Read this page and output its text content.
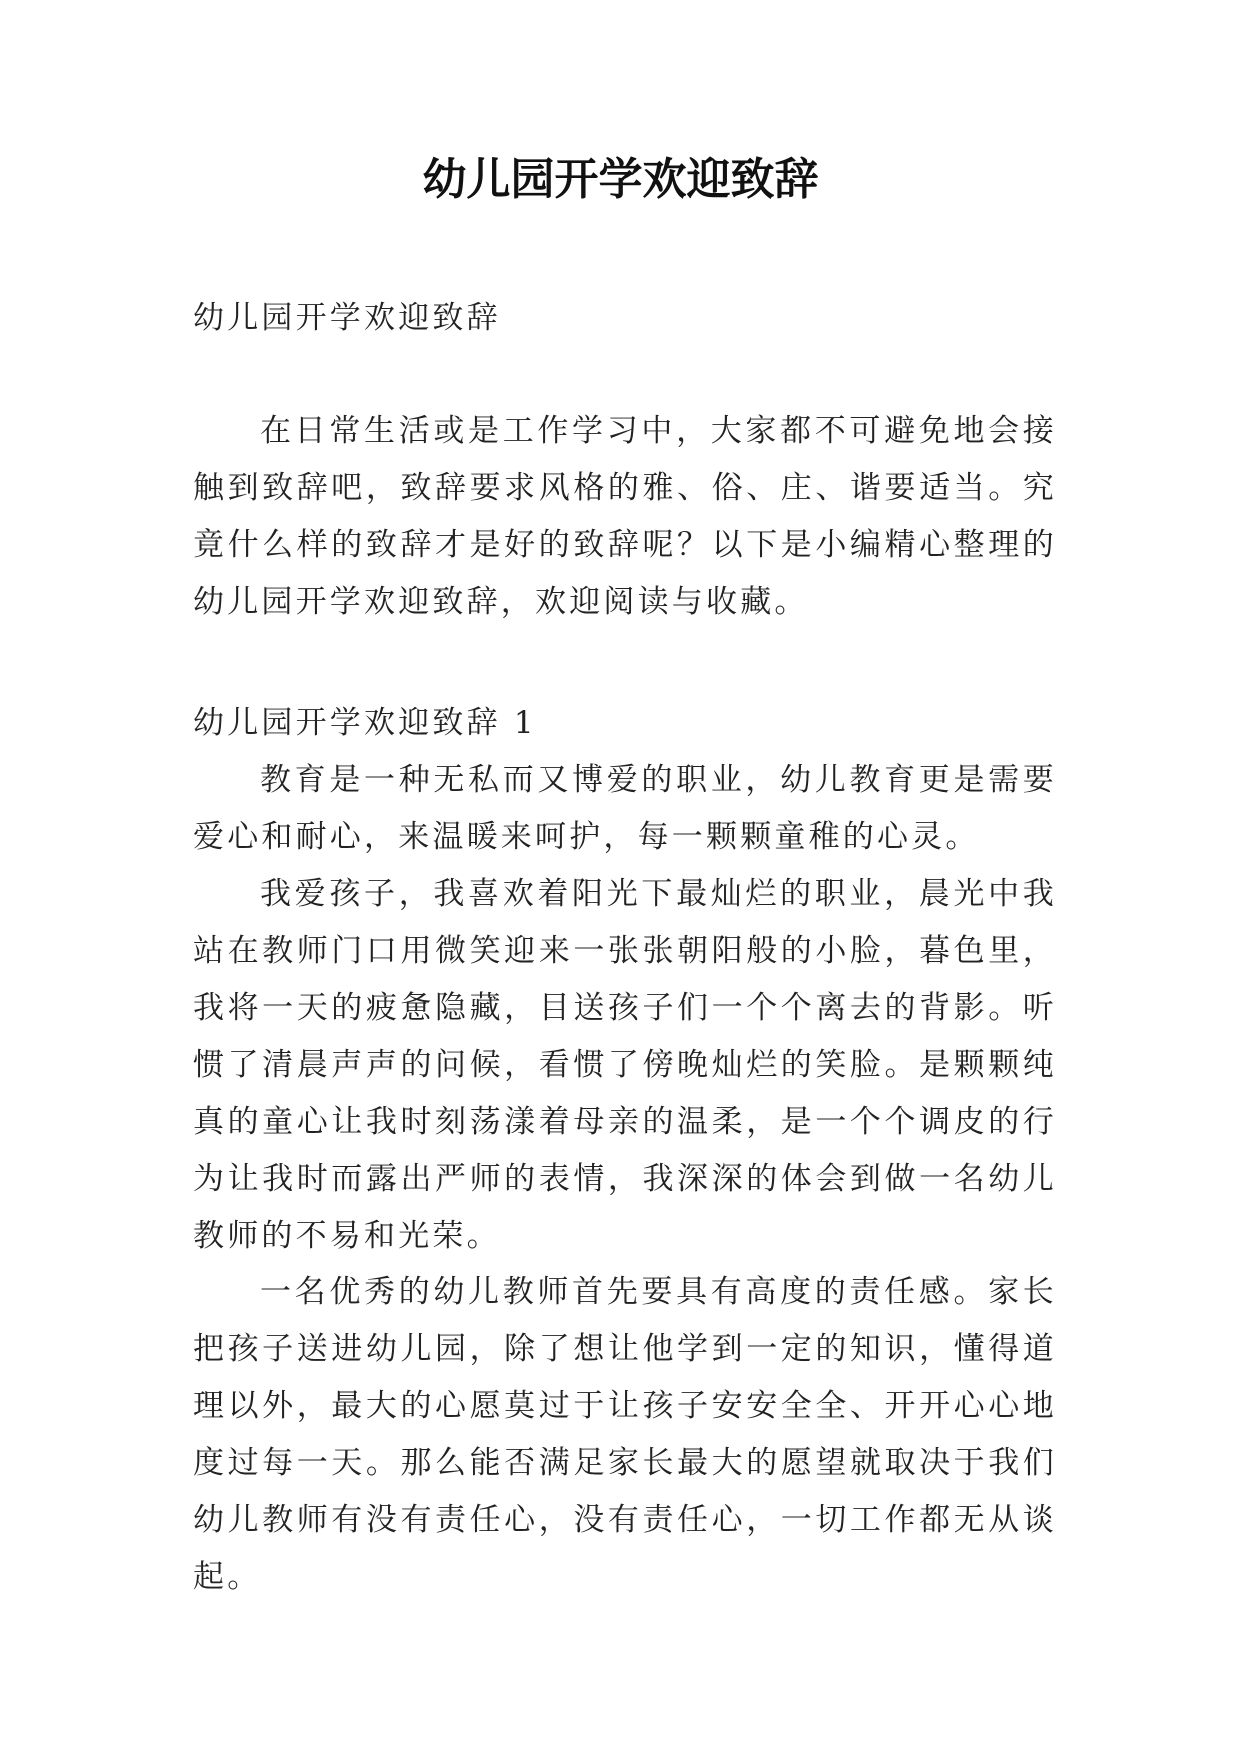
幼儿园开学欢迎致辞

幼儿园开学欢迎致辞

在日常生活或是工作学习中，大家都不可避免地会接触到致辞吧，致辞要求风格的雅、俗、庄、谐要适当。究竟什么样的致辞才是好的致辞呢？以下是小编精心整理的幼儿园开学欢迎致辞，欢迎阅读与收藏。

幼儿园开学欢迎致辞 1

教育是一种无私而又博爱的职业，幼儿教育更是需要爱心和耐心，来温暖来呵护，每一颗颗童稚的心灵。

我爱孩子，我喜欢着阳光下最灿烂的职业，晨光中我站在教师门口用微笑迎来一张张朝阳般的小脸，暮色里，我将一天的疲惫隐藏，目送孩子们一个个离去的背影。听惯了清晨声声的问候，看惯了傍晚灿烂的笑脸。是颗颗纯真的童心让我时刻荡漾着母亲的温柔，是一个个调皮的行为让我时而露出严师的表情，我深深的体会到做一名幼儿教师的不易和光荣。

一名优秀的幼儿教师首先要具有高度的责任感。家长把孩子送进幼儿园，除了想让他学到一定的知识，懂得道理以外，最大的心愿莫过于让孩子安安全全、开开心心地度过每一天。那么能否满足家长最大的愿望就取决于我们幼儿教师有没有责任心，没有责任心，一切工作都无从谈起。
